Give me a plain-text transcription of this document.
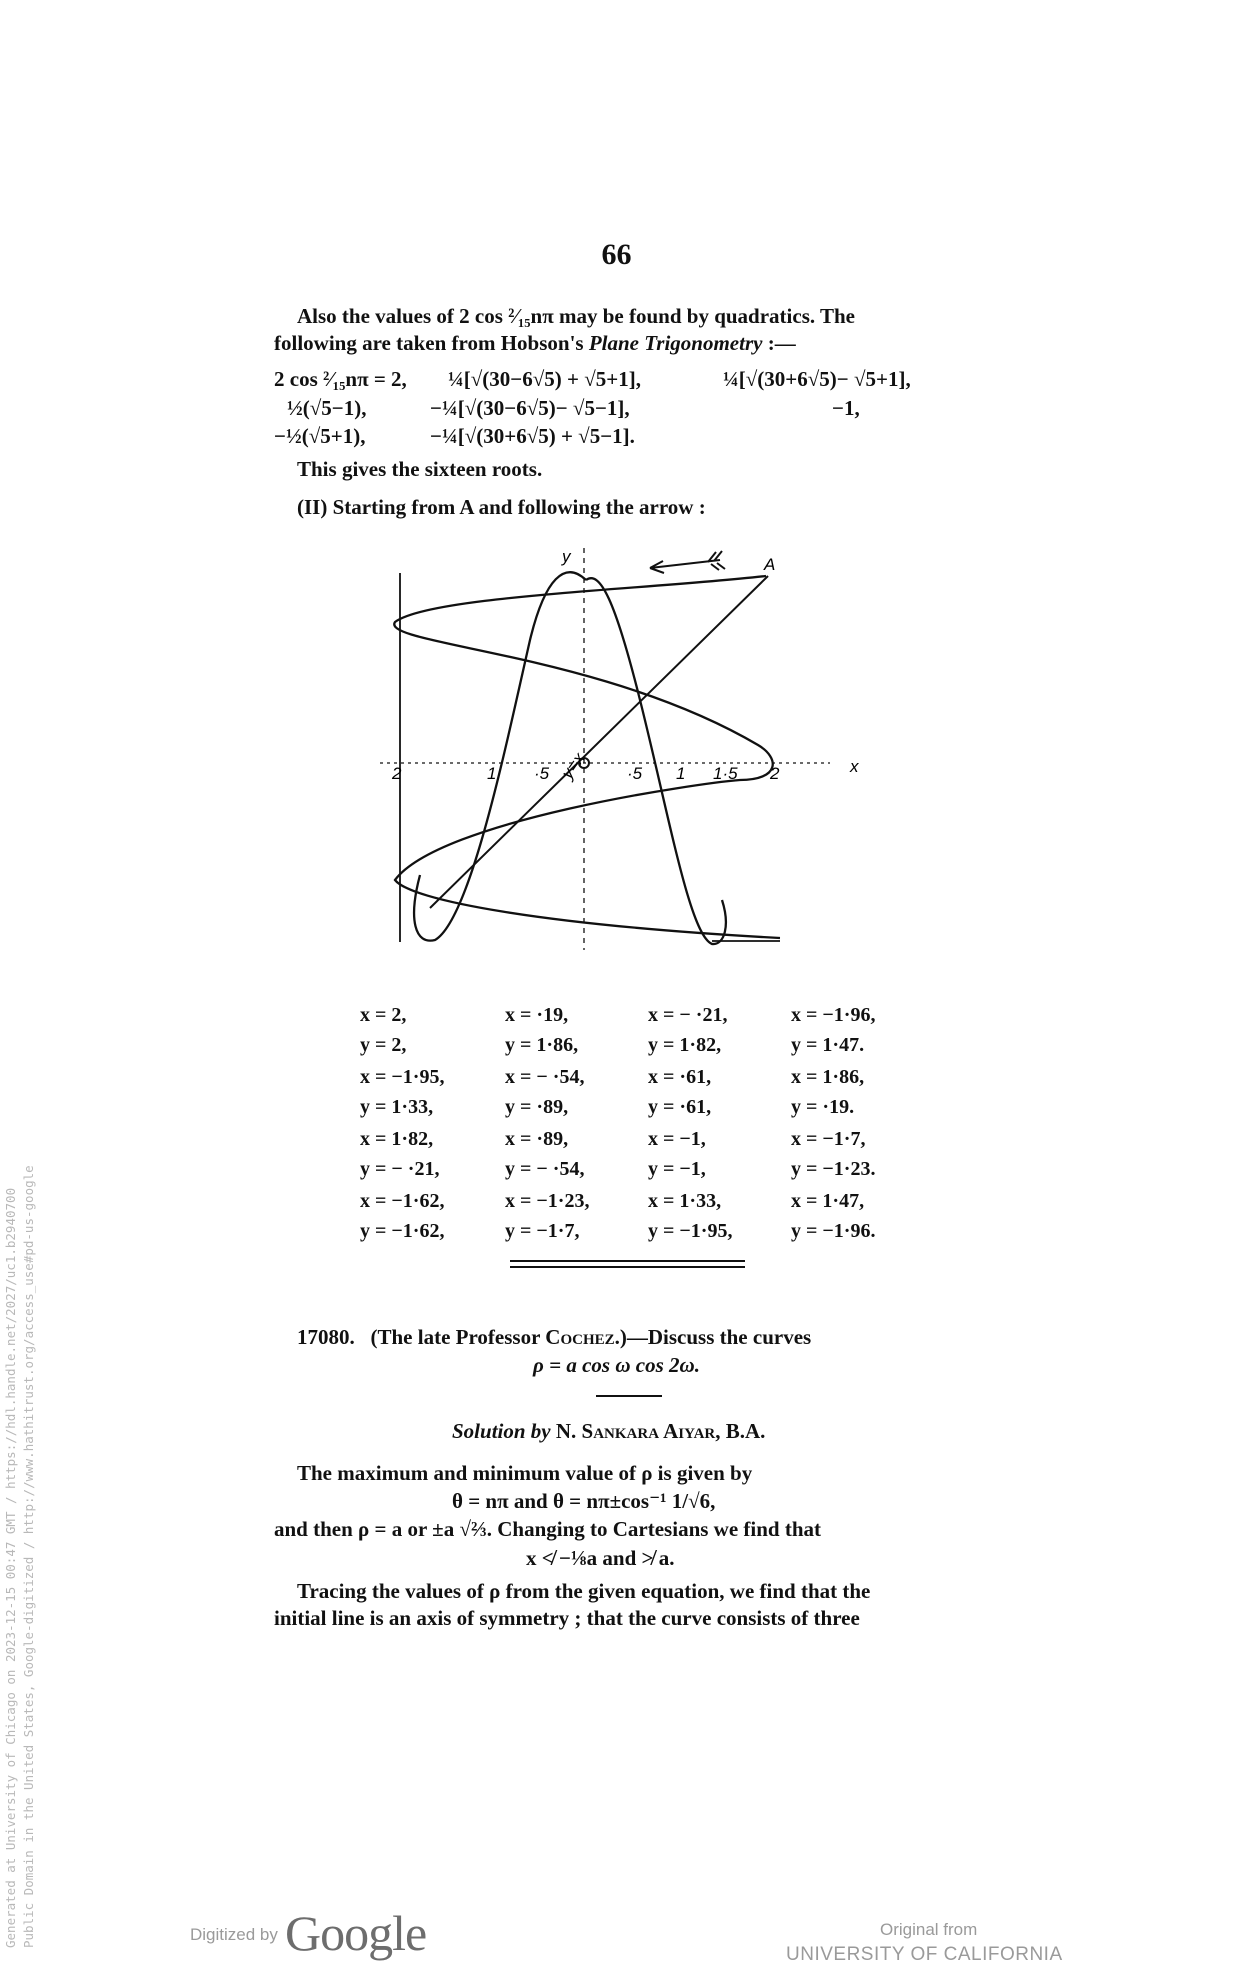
66
Also the values of 2 cos ²⁄₁₅nπ may be found by quadratics. The
following are taken from Hobson's Plane Trigonometry :—
2 cos ²⁄₁₅nπ = 2, ¼[√(30−6√5) + √5+1],	¼[√(30+6√5)− √5+1],
½(√5−1),	−¼[√(30−6√5)− √5−1],	−1,
−½(√5+1),	−¼[√(30+6√5) + √5−1].
This gives the sixteen roots.
(II) Starting from A and following the arrow :
y
x
A
y=x
2	1 ·5	·5 1 1·5 2
x = 2,	x = ·19,	x = − ·21,	x = −1·96,
y = 2,	y = 1·86,	y = 1·82,	y = 1·47.
x = −1·95,	x = − ·54,	x = ·61,	x = 1·86,
y = 1·33,	y = ·89,	y = ·61,	y = ·19.
x = 1·82,	x = ·89,	x = −1,	x = −1·7,
y = − ·21,	y = − ·54,	y = −1,	y = −1·23.
x = −1·62,	x = −1·23,	x = 1·33,	x = 1·47,
y = −1·62,	y = −1·7,	y = −1·95,	y = −1·96.
17080. (The late Professor Cochez.)—Discuss the curves
ρ = a cos ω cos 2ω.
Solution by N. Sankara Aiyar, B.A.
The maximum and minimum value of ρ is given by
θ = nπ and θ = nπ±cos⁻¹ 1/√6,
and then ρ = a or ±a √⅔. Changing to Cartesians we find that
x ≮ −⅛a and ≯ a.
Tracing the values of ρ from the given equation, we find that the
initial line is an axis of symmetry ; that the curve consists of three
Generated at University of Chicago on 2023-12-15 00:47 GMT / https://hdl.handle.net/2027/uc1.b2940700 Public Domain in the United States, Google-digitized / http://www.hathitrust.org/access_use#pd-us-google	Digitized by Google	Original from
UNIVERSITY OF CALIFORNIA
